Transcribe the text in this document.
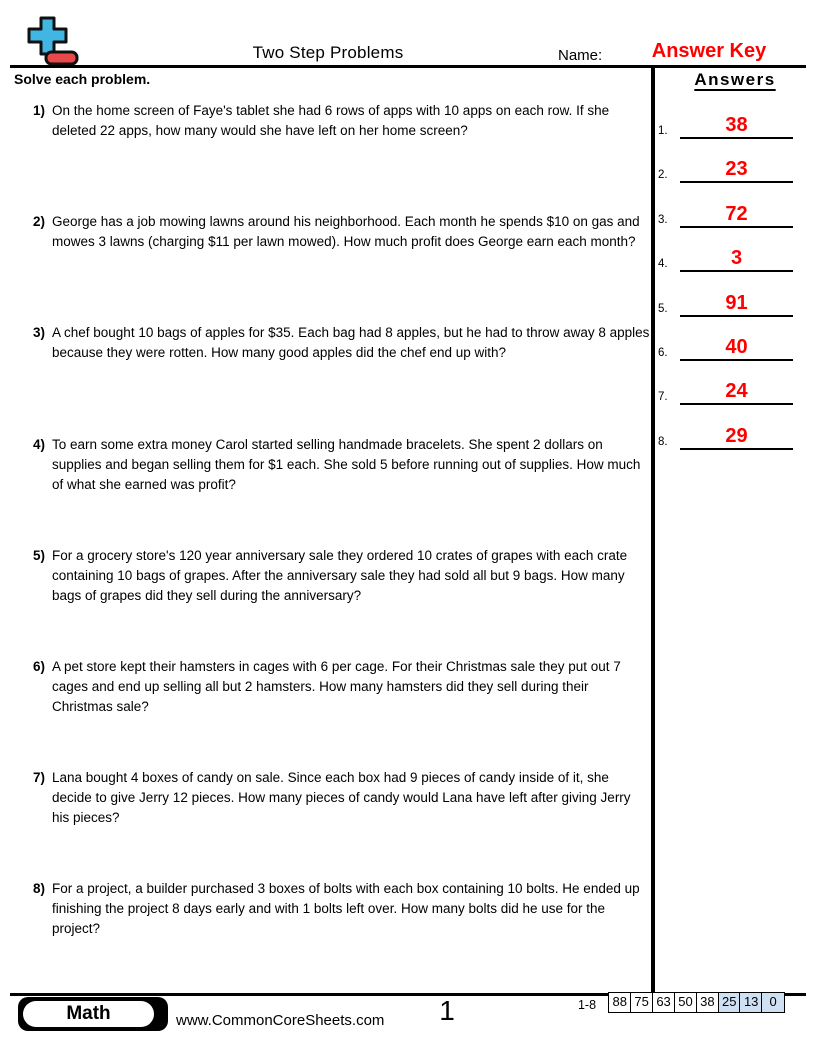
Two Step Problems	Name:	Answer Key
Solve each problem.
1) On the home screen of Faye's tablet she had 6 rows of apps with 10 apps on each row. If she deleted 22 apps, how many would she have left on her home screen?
2) George has a job mowing lawns around his neighborhood. Each month he spends $10 on gas and mowes 3 lawns (charging $11 per lawn mowed). How much profit does George earn each month?
3) A chef bought 10 bags of apples for $35. Each bag had 8 apples, but he had to throw away 8 apples because they were rotten. How many good apples did the chef end up with?
4) To earn some extra money Carol started selling handmade bracelets. She spent 2 dollars on supplies and began selling them for $1 each. She sold 5 before running out of supplies. How much of what she earned was profit?
5) For a grocery store's 120 year anniversary sale they ordered 10 crates of grapes with each crate containing 10 bags of grapes. After the anniversary sale they had sold all but 9 bags. How many bags of grapes did they sell during the anniversary?
6) A pet store kept their hamsters in cages with 6 per cage. For their Christmas sale they put out 7 cages and end up selling all but 2 hamsters. How many hamsters did they sell during their Christmas sale?
7) Lana bought 4 boxes of candy on sale. Since each box had 9 pieces of candy inside of it, she decide to give Jerry 12 pieces. How many pieces of candy would Lana have left after giving Jerry his pieces?
8) For a project, a builder purchased 3 boxes of bolts with each box containing 10 bolts. He ended up finishing the project 8 days early and with 1 bolts left over. How many bolts did he use for the project?
Answers
1.	38
2.	23
3.	72
4.	3
5.	91
6.	40
7.	24
8.	29
Math	www.CommonCoreSheets.com	1	1-8	88 75 63 50 38 25 13 0
